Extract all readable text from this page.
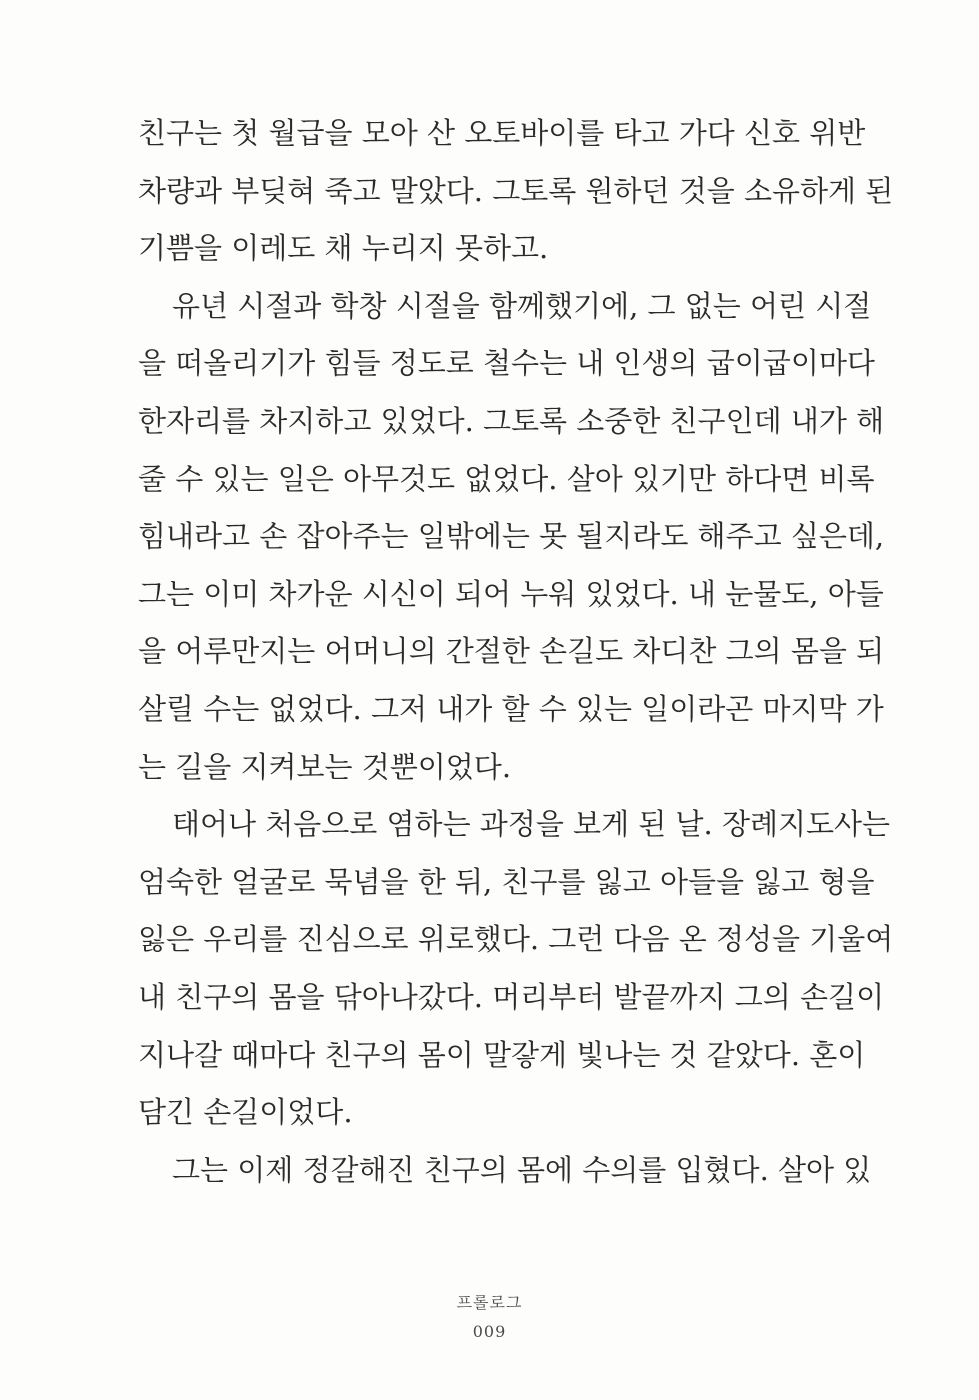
친구는 첫 월급을 모아 산 오토바이를 타고 가다 신호 위반
차량과 부딪혀 죽고 말았다. 그토록 원하던 것을 소유하게 된
기쁨을 이레도 채 누리지 못하고.
유년 시절과 학창 시절을 함께했기에, 그 없는 어린 시절
을 떠올리기가 힘들 정도로 철수는 내 인생의 굽이굽이마다
한자리를 차지하고 있었다. 그토록 소중한 친구인데 내가 해
줄 수 있는 일은 아무것도 없었다. 살아 있기만 하다면 비록
힘내라고 손 잡아주는 일밖에는 못 될지라도 해주고 싶은데,
그는 이미 차가운 시신이 되어 누워 있었다. 내 눈물도, 아들
을 어루만지는 어머니의 간절한 손길도 차디찬 그의 몸을 되
살릴 수는 없었다. 그저 내가 할 수 있는 일이라곤 마지막 가
는 길을 지켜보는 것뿐이었다.
태어나 처음으로 염하는 과정을 보게 된 날. 장례지도사는
엄숙한 얼굴로 묵념을 한 뒤, 친구를 잃고 아들을 잃고 형을
잃은 우리를 진심으로 위로했다. 그런 다음 온 정성을 기울여
내 친구의 몸을 닦아나갔다. 머리부터 발끝까지 그의 손길이
지나갈 때마다 친구의 몸이 말갛게 빛나는 것 같았다. 혼이
담긴 손길이었다.
그는 이제 정갈해진 친구의 몸에 수의를 입혔다. 살아 있
프롤로그
009
